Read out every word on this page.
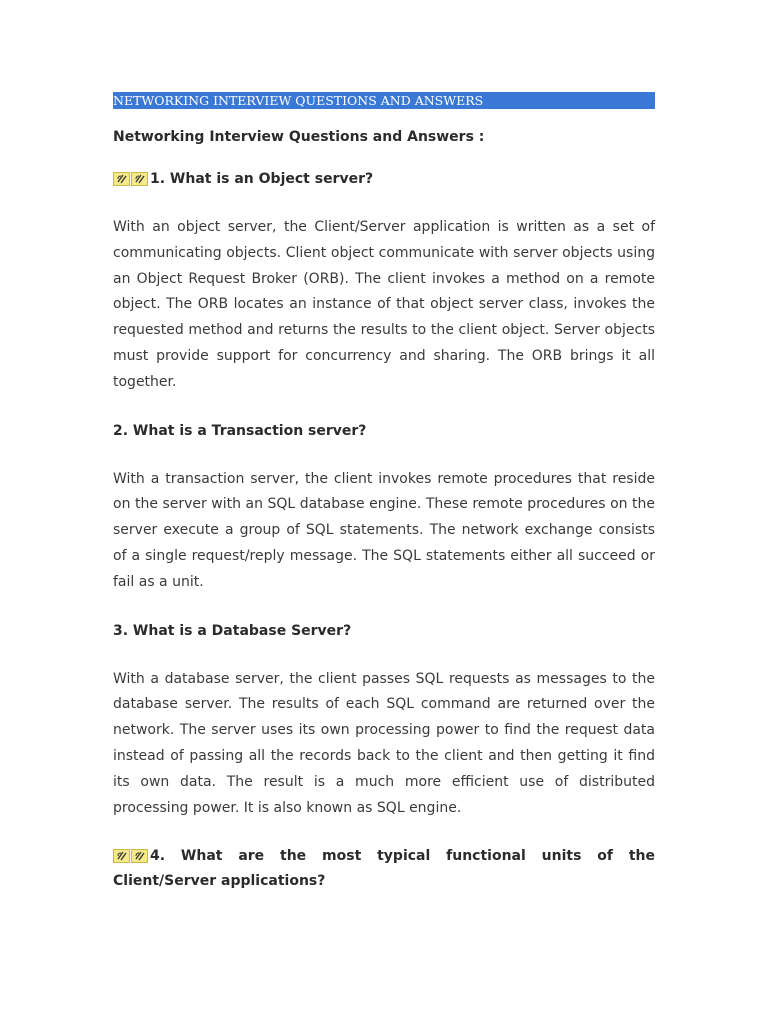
NETWORKING INTERVIEW QUESTIONS AND ANSWERS
Networking Interview Questions and Answers :
1. What is an Object server?
With an object server, the Client/Server application is written as a set of communicating objects. Client object communicate with server objects using an Object Request Broker (ORB). The client invokes a method on a remote object. The ORB locates an instance of that object server class, invokes the requested method and returns the results to the client object. Server objects must provide support for concurrency and sharing. The ORB brings it all together.
2. What is a Transaction server?
With a transaction server, the client invokes remote procedures that reside on the server with an SQL database engine. These remote procedures on the server execute a group of SQL statements. The network exchange consists of a single request/reply message. The SQL statements either all succeed or fail as a unit.
3. What is a Database Server?
With a database server, the client passes SQL requests as messages to the database server. The results of each SQL command are returned over the network. The server uses its own processing power to find the request data instead of passing all the records back to the client and then getting it find its own data. The result is a much more efficient use of distributed processing power. It is also known as SQL engine.
4. What are the most typical functional units of the Client/Server applications?
